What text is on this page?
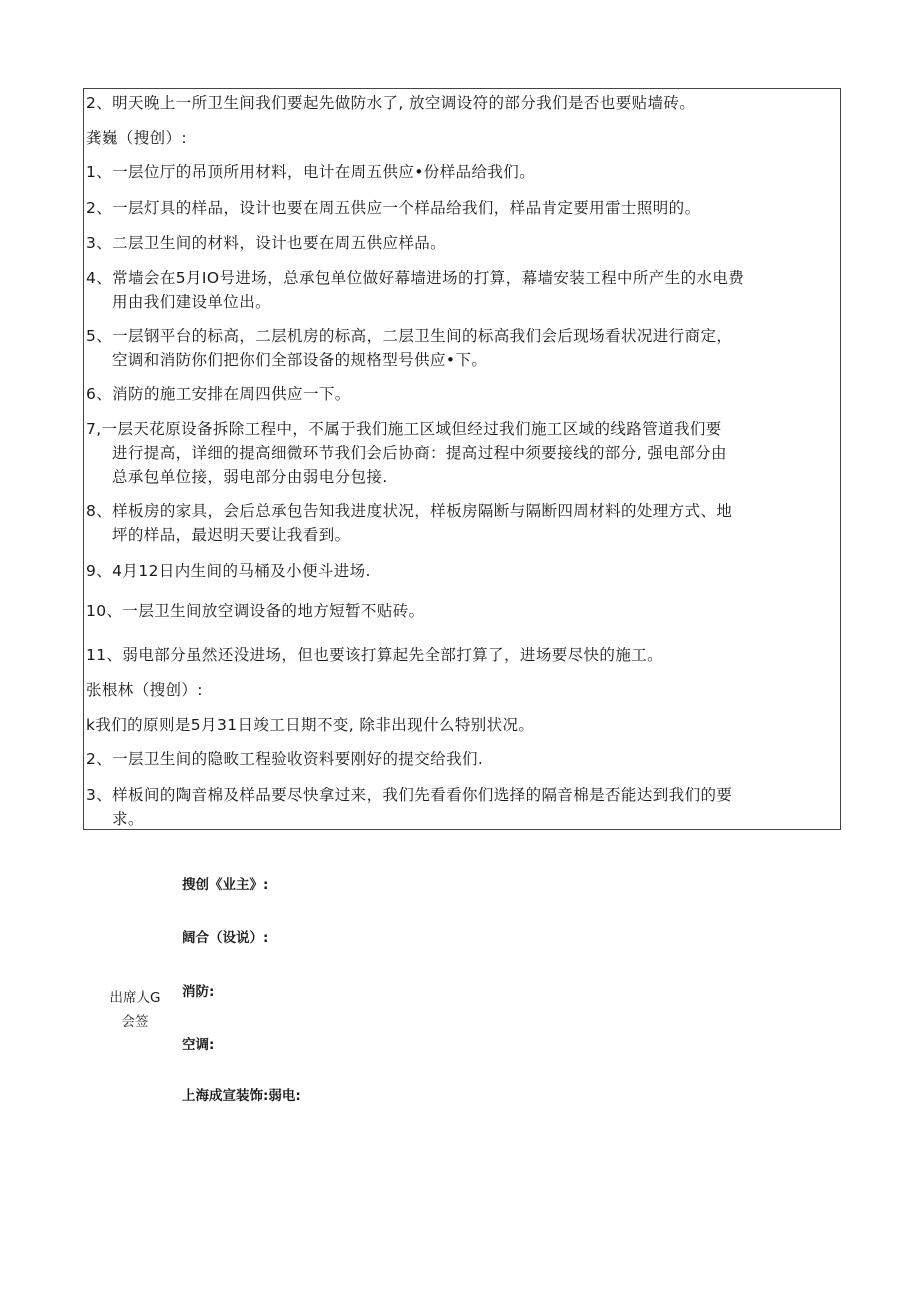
2、明天晚上一所卫生间我们要起先做防水了, 放空调设符的部分我们是否也要贴墙砖。
龚巍（搜创）:
1、一层位厅的吊顶所用材料，电计在周五供应•份样品给我们。
2、一层灯具的样品，设计也要在周五供应一个样品给我们，样品肯定要用雷士照明的。
3、二层卫生间的材料，设计也要在周五供应样品。
4、常墙会在5月IO号进场，总承包单位做好幕墙进场的打算，幕墙安装工程中所产生的水电费
用由我们建设单位出。
5、一层钢平台的标高，二层机房的标高，二层卫生间的标高我们会后现场看状况进行商定，
空调和消防你们把你们全部设备的规格型号供应•下。
6、消防的施工安排在周四供应一下。
7,一层天花原设备拆除工程中，不属于我们施工区域但经过我们施工区域的线路管道我们要
进行提高，详细的提高细微环节我们会后协商：提高过程中须要接线的部分, 强电部分由
总承包单位接，弱电部分由弱电分包接.
8、样板房的家具，会后总承包告知我进度状况，样板房隔断与隔断四周材料的处理方式、地
坪的样品，最迟明天要让我看到。
9、4月12日内生间的马桶及小便斗进场.
10、一层卫生间放空调设备的地方短暂不贴砖。
11、弱电部分虽然还没进场，但也要该打算起先全部打算了，进场要尽快的施工。
张根林（搜创）:
k我们的原则是5月31日竣工日期不变, 除非出现什么特别状况。
2、一层卫生间的隐畋工程验收资料要刚好的提交给我们.
3、样板间的陶音棉及样品要尽快拿过来，我们先看看你们选择的隔音棉是否能达到我们的要
求。
搜创《业主》:
阔合（设说）:
消防:
空调:
上海成宣装饰:弱电:
出席人G
会签
